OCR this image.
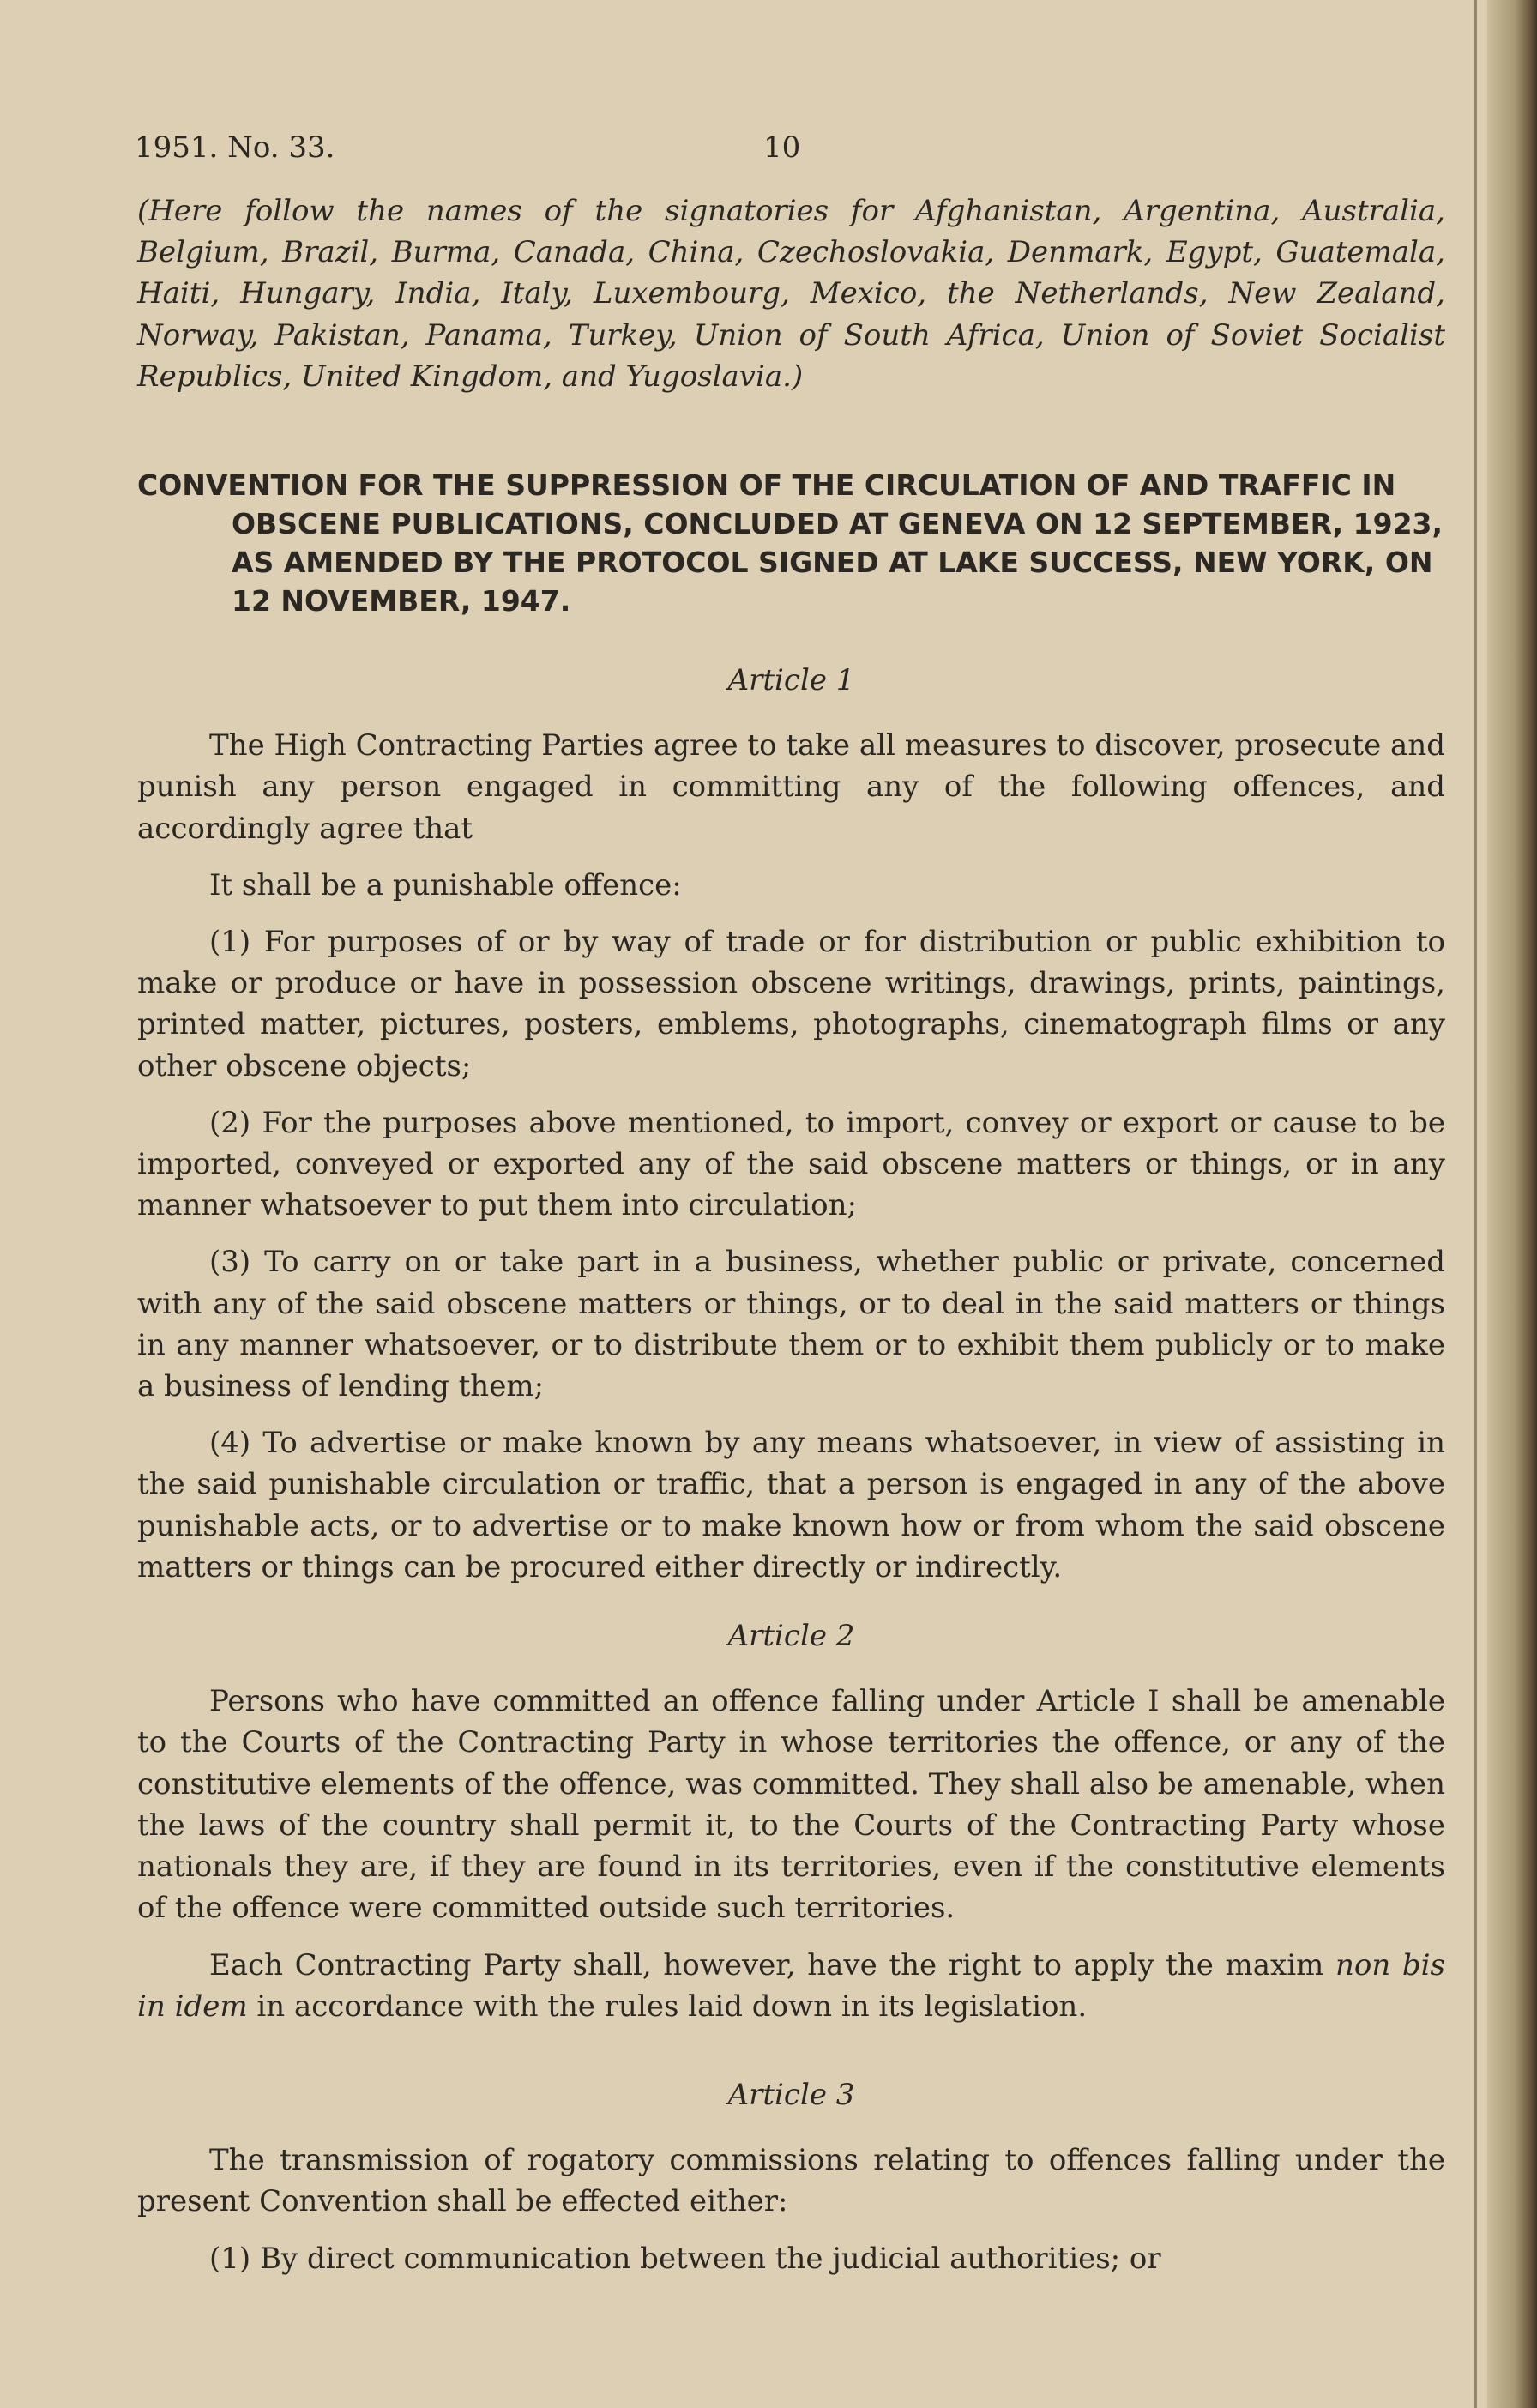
1951. No. 33.	10

(Here follow the names of the signatories for Afghanistan, Argentina, Australia, Belgium, Brazil, Burma, Canada, China, Czechoslovakia, Denmark, Egypt, Guatemala, Haiti, Hungary, India, Italy, Luxembourg, Mexico, the Netherlands, New Zealand, Norway, Pakistan, Panama, Turkey, Union of South Africa, Union of Soviet Socialist Republics, United Kingdom, and Yugoslavia.)

CONVENTION FOR THE SUPPRESSION OF THE CIRCULATION OF AND TRAFFIC IN OBSCENE PUBLICATIONS, CONCLUDED AT GENEVA ON 12 SEPTEMBER, 1923, AS AMENDED BY THE PROTOCOL SIGNED AT LAKE SUCCESS, NEW YORK, ON 12 NOVEMBER, 1947.

Article 1

The High Contracting Parties agree to take all measures to discover, prosecute and punish any person engaged in committing any of the following offences, and accordingly agree that

It shall be a punishable offence:

(1) For purposes of or by way of trade or for distribution or public exhibition to make or produce or have in possession obscene writings, drawings, prints, paintings, printed matter, pictures, posters, emblems, photographs, cinematograph films or any other obscene objects;

(2) For the purposes above mentioned, to import, convey or export or cause to be imported, conveyed or exported any of the said obscene matters or things, or in any manner whatsoever to put them into circulation;

(3) To carry on or take part in a business, whether public or private, concerned with any of the said obscene matters or things, or to deal in the said matters or things in any manner whatsoever, or to distribute them or to exhibit them publicly or to make a business of lending them;

(4) To advertise or make known by any means whatsoever, in view of assisting in the said punishable circulation or traffic, that a person is engaged in any of the above punishable acts, or to advertise or to make known how or from whom the said obscene matters or things can be procured either directly or indirectly.

Article 2

Persons who have committed an offence falling under Article I shall be amenable to the Courts of the Contracting Party in whose territories the offence, or any of the constitutive elements of the offence, was committed. They shall also be amenable, when the laws of the country shall permit it, to the Courts of the Contracting Party whose nationals they are, if they are found in its territories, even if the constitutive elements of the offence were committed outside such territories.

Each Contracting Party shall, however, have the right to apply the maxim non bis in idem in accordance with the rules laid down in its legislation.

Article 3

The transmission of rogatory commissions relating to offences falling under the present Convention shall be effected either:

(1) By direct communication between the judicial authorities; or
